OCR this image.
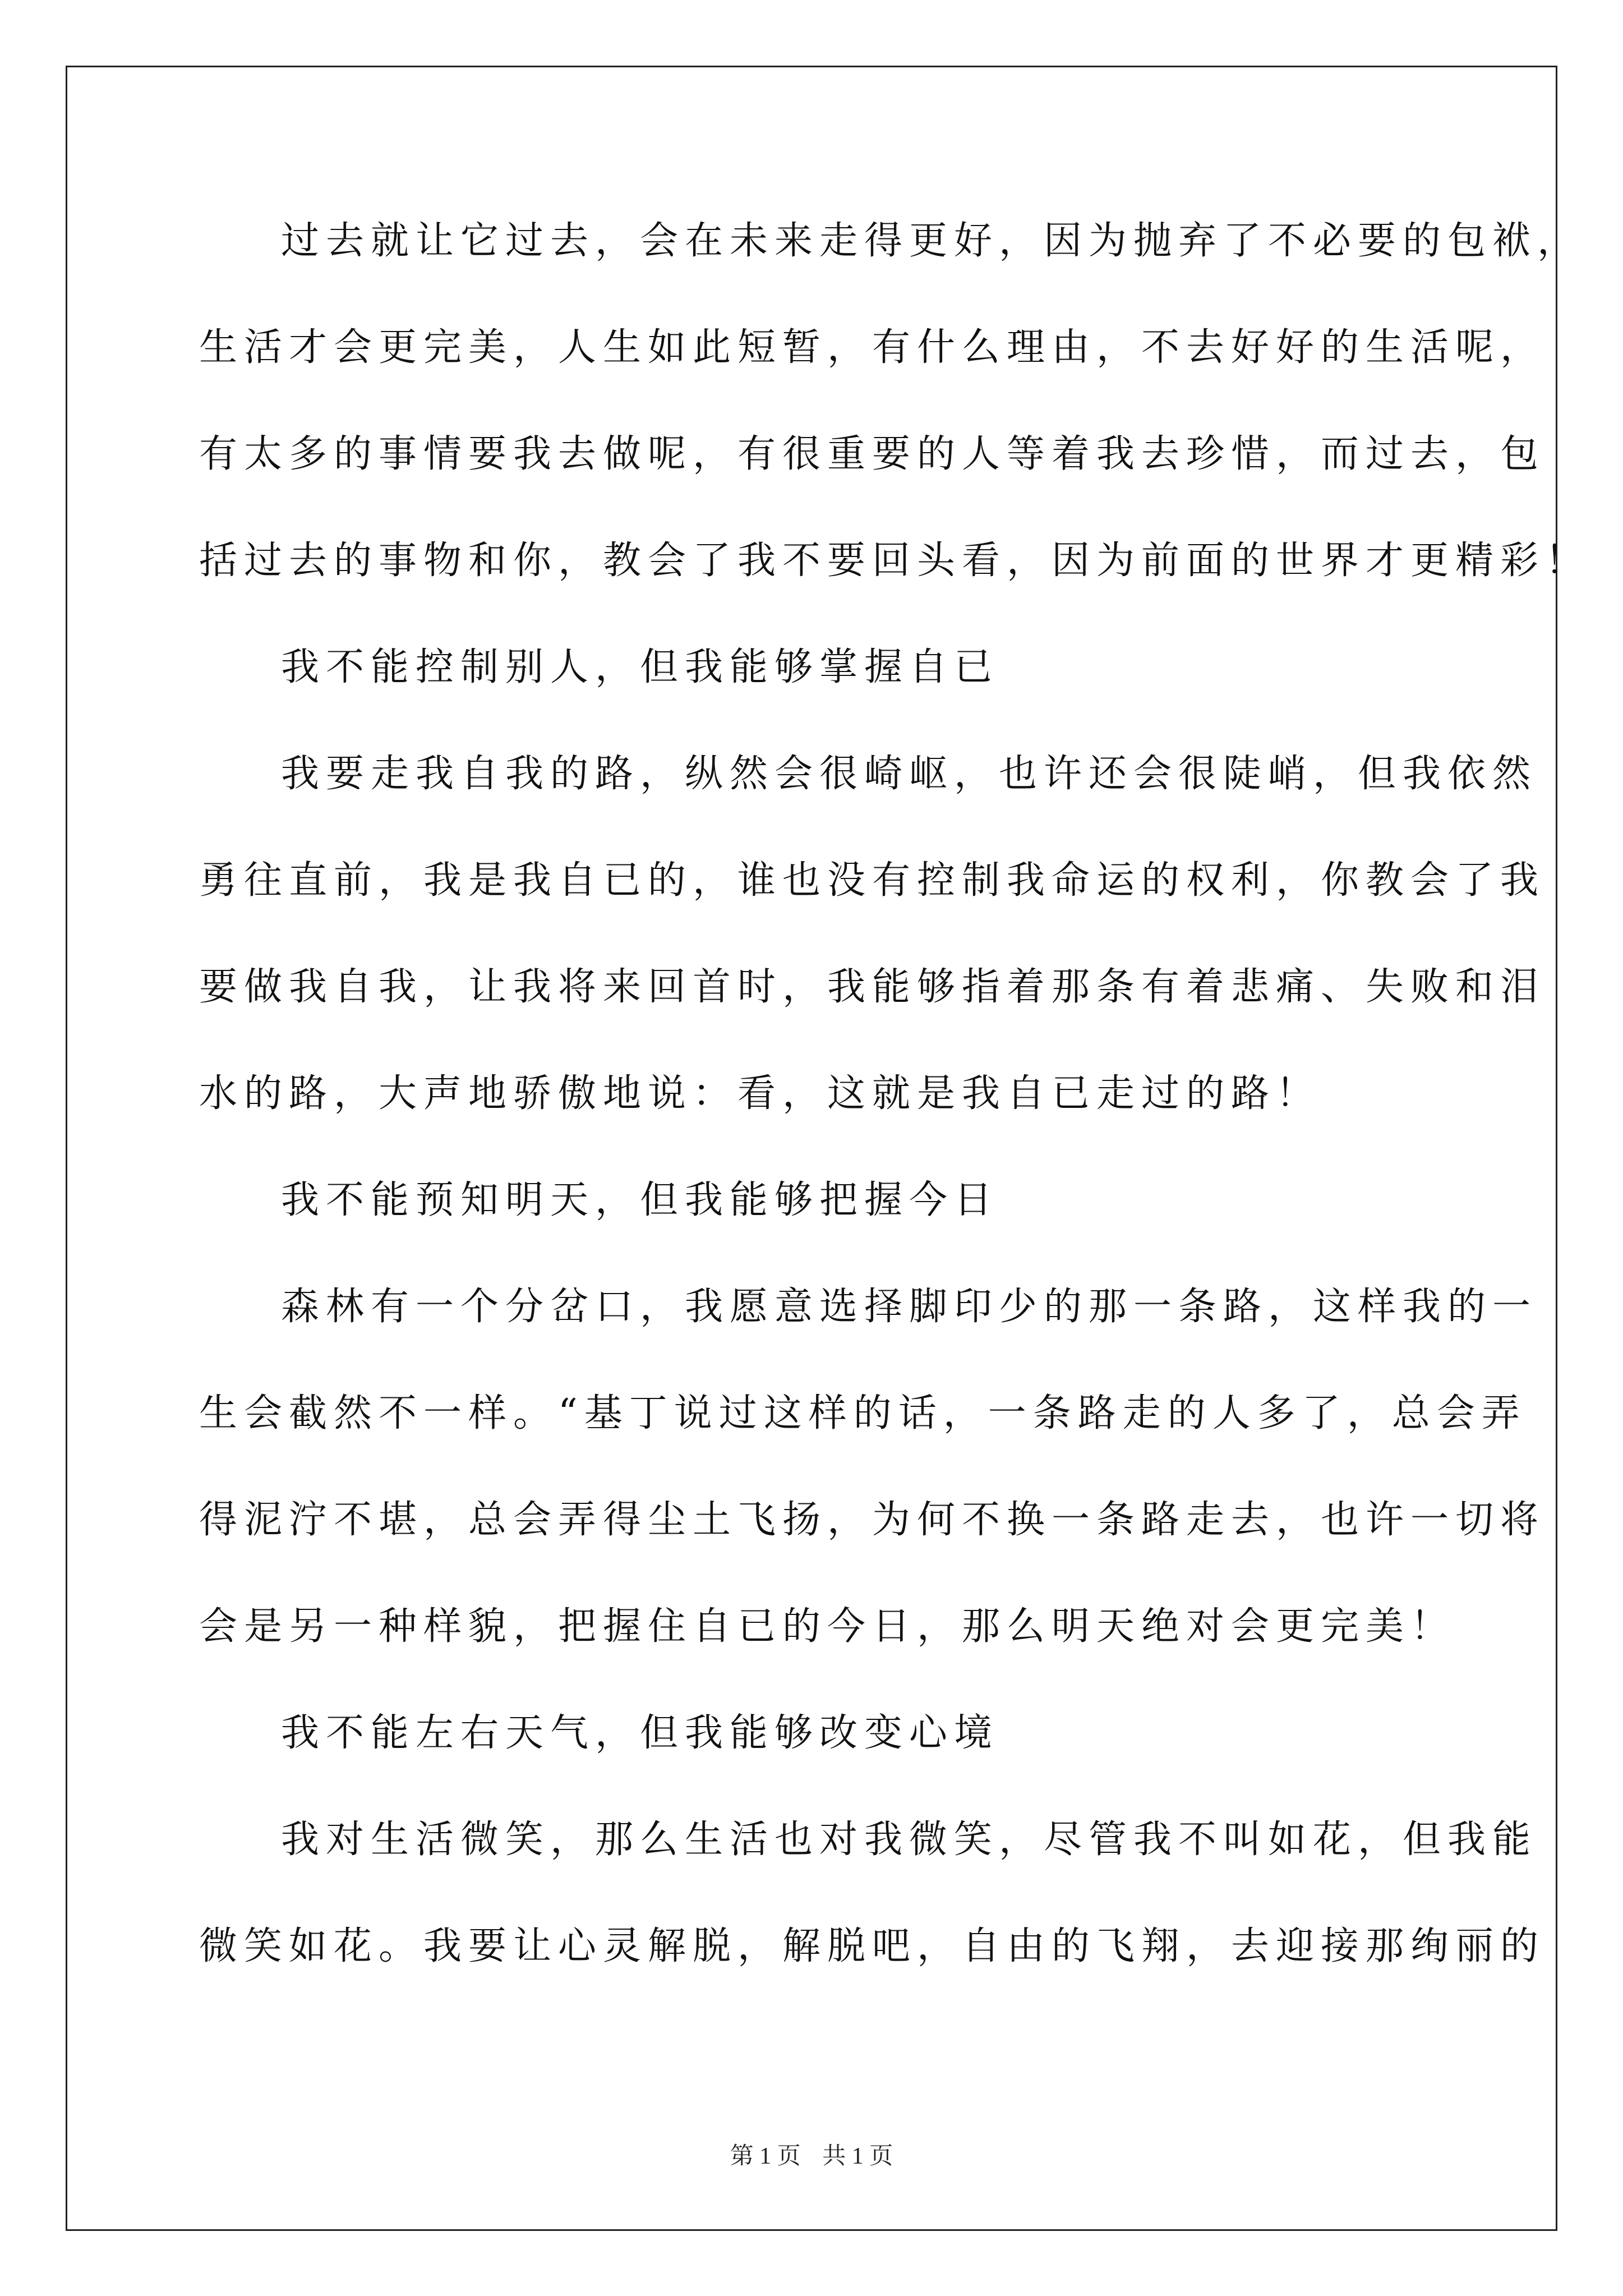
过去就让它过去，会在未来走得更好，因为抛弃了不必要的包袱，
生活才会更完美，人生如此短暂，有什么理由，不去好好的生活呢，
有太多的事情要我去做呢，有很重要的人等着我去珍惜，而过去，包
括过去的事物和你，教会了我不要回头看，因为前面的世界才更精彩！
我不能控制别人，但我能够掌握自已
我要走我自我的路，纵然会很崎岖，也许还会很陡峭，但我依然
勇往直前，我是我自已的，谁也没有控制我命运的权利，你教会了我
要做我自我，让我将来回首时，我能够指着那条有着悲痛、失败和泪
水的路，大声地骄傲地说：看，这就是我自已走过的路！
我不能预知明天，但我能够把握今日
森林有一个分岔口，我愿意选择脚印少的那一条路，这样我的一
生会截然不一样。“基丁说过这样的话，一条路走的人多了，总会弄
得泥泞不堪，总会弄得尘土飞扬，为何不换一条路走去，也许一切将
会是另一种样貌，把握住自已的今日，那么明天绝对会更完美！
我不能左右天气，但我能够改变心境
我对生活微笑，那么生活也对我微笑，尽管我不叫如花，但我能
微笑如花。我要让心灵解脱，解脱吧，自由的飞翔，去迎接那绚丽的
第 1 页 共 1 页
